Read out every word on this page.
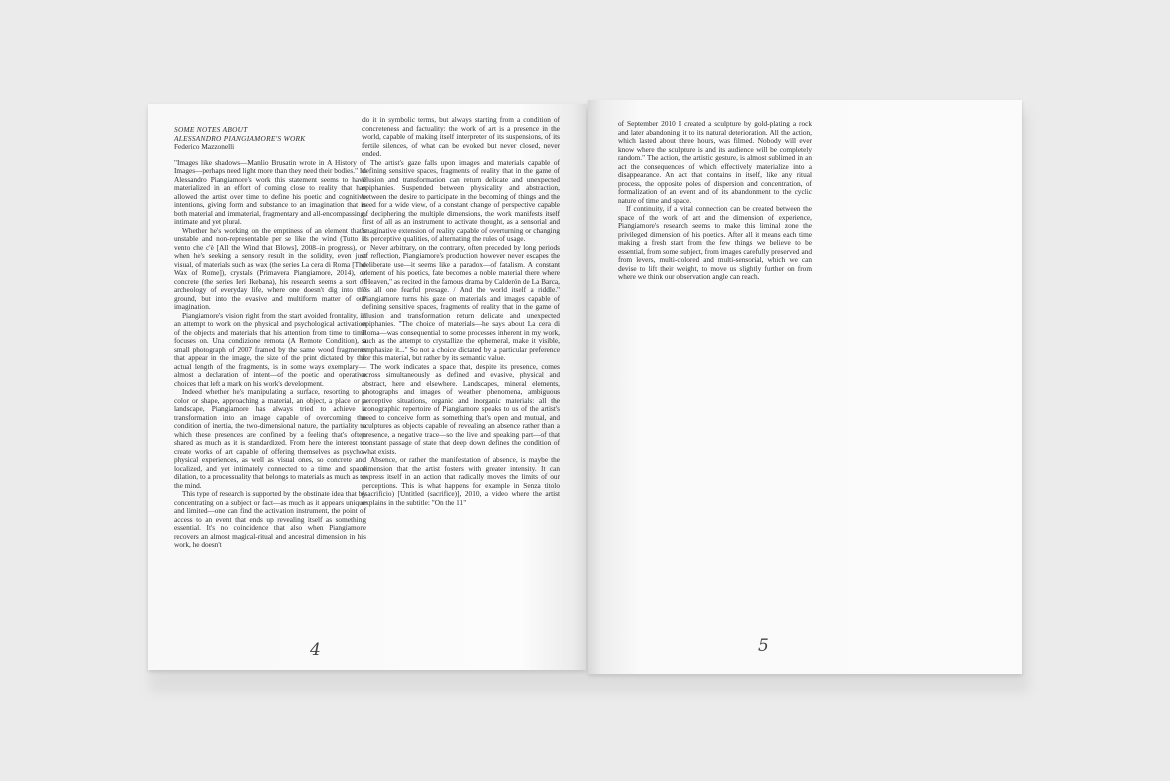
SOME NOTES ABOUT
ALESSANDRO PIANGIAMORE'S WORK
Federico Mazzonelli

"Images like shadows—Manlio Brusatin wrote in A History of Images—perhaps need light more than they need their bodies." In Alessandro Piangiamore's work this statement seems to have materialized in an effort of coming close to reality that has allowed the artist over time to define his poetic and cognitive intentions, giving form and substance to an imagination that is both material and immaterial, fragmentary and all-encompassing, intimate and yet plural.

Whether he's working on the emptiness of an element that's unstable and non-representable per se like the wind (Tutto il vento che c'è [All the Wind that Blows], 2008–in progress), or when he's seeking a sensory result in the solidity, even just visual, of materials such as wax (the series La cera di Roma [The Wax of Rome]), crystals (Primavera Piangiamore, 2014), or concrete (the series Ieri Ikebana), his research seems a sort of archeology of everyday life, where one doesn't dig into the ground, but into the evasive and multiform matter of our imagination.

Piangiamore's vision right from the start avoided frontality, in an attempt to work on the physical and psychological activation of the objects and materials that his attention from time to time focuses on. Una condizione remota (A Remote Condition), a small photograph of 2007 framed by the same wood fragments that appear in the image, the size of the print dictated by the actual length of the fragments, is in some ways exemplary—almost a declaration of intent—of the poetic and operative choices that left a mark on his work's development.

Indeed whether he's manipulating a surface, resorting to a color or shape, approaching a material, an object, a place or a landscape, Piangiamore has always tried to achieve a transformation into an image capable of overcoming the condition of inertia, the two-dimensional nature, the partiality to which these presences are confined by a feeling that's often shared as much as it is standardized. From here the interest to create works of art capable of offering themselves as psycho-physical experiences, as well as visual ones, so concrete and localized, and yet intimately connected to a time and space dilation, to a processuality that belongs to materials as much as to the mind.

This type of research is supported by the obstinate idea that by concentrating on a subject or fact—as much as it appears unique and limited—one can find the activation instrument, the point of access to an event that ends up revealing itself as something essential. It's no coincidence that also when Piangiamore recovers an almost magical-ritual and ancestral dimension in his work, he doesn't

do it in symbolic terms, but always starting from a condition of concreteness and factuality: the work of art is a presence in the world, capable of making itself interpreter of its suspensions, of its fertile silences, of what can be evoked but never closed, never ended.

The artist's gaze falls upon images and materials capable of defining sensitive spaces, fragments of reality that in the game of illusion and transformation can return delicate and unexpected epiphanies. Suspended between physicality and abstraction, between the desire to participate in the becoming of things and the need for a wide view, of a constant change of perspective capable of deciphering the multiple dimensions, the work manifests itself first of all as an instrument to activate thought, as a sensorial and imaginative extension of reality capable of overturning or changing its perceptive qualities, of alternating the rules of usage.

Never arbitrary, on the contrary, often preceded by long periods of reflection, Piangiamore's production however never escapes the deliberate use—it seems like a paradox—of fatalism. A constant element of his poetics, fate becomes a noble material there where "Heaven," as recited in the famous drama by Calderón de La Barca, "is all one fearful presage. / And the world itself a riddle." Piangiamore turns his gaze on materials and images capable of defining sensitive spaces, fragments of reality that in the game of illusion and transformation return delicate and unexpected epiphanies. "The choice of materials—he says about La cera di Roma—was consequential to some processes inherent in my work, such as the attempt to crystallize the ephemeral, make it visible, emphasize it..." So not a choice dictated by a particular preference for this material, but rather by its semantic value.

The work indicates a space that, despite its presence, comes across simultaneously as defined and evasive, physical and abstract, here and elsewhere. Landscapes, mineral elements, photographs and images of weather phenomena, ambiguous perceptive situations, organic and inorganic materials: all the iconographic repertoire of Piangiamore speaks to us of the artist's need to conceive form as something that's open and mutual, and sculptures as objects capable of revealing an absence rather than a presence, a negative trace—so the live and speaking part—of that constant passage of state that deep down defines the condition of what exists.

Absence, or rather the manifestation of absence, is maybe the dimension that the artist fosters with greater intensity. It can express itself in an action that radically moves the limits of our perceptions. This is what happens for example in Senza titolo (sacrificio) [Untitled (sacrifice)], 2010, a video where the artist explains in the subtitle: "On the 11"

4

of September 2010 I created a sculpture by gold-plating a rock and later abandoning it to its natural deterioration. All the action, which lasted about three hours, was filmed. Nobody will ever know where the sculpture is and its audience will be completely random." The action, the artistic gesture, is almost sublimed in an act the consequences of which effectively materialize into a disappearance. An act that contains in itself, like any ritual process, the opposite poles of dispersion and concentration, of formalization of an event and of its abandonment to the cyclic nature of time and space.

If continuity, if a vital connection can be created between the space of the work of art and the dimension of experience, Piangiamore's research seems to make this liminal zone the privileged dimension of his poetics. After all it means each time making a fresh start from the few things we believe to be essential, from some subject, from images carefully preserved and from levers, multi-colored and multi-sensorial, which we can devise to lift their weight, to move us slightly further on from where we think our observation angle can reach.

5
